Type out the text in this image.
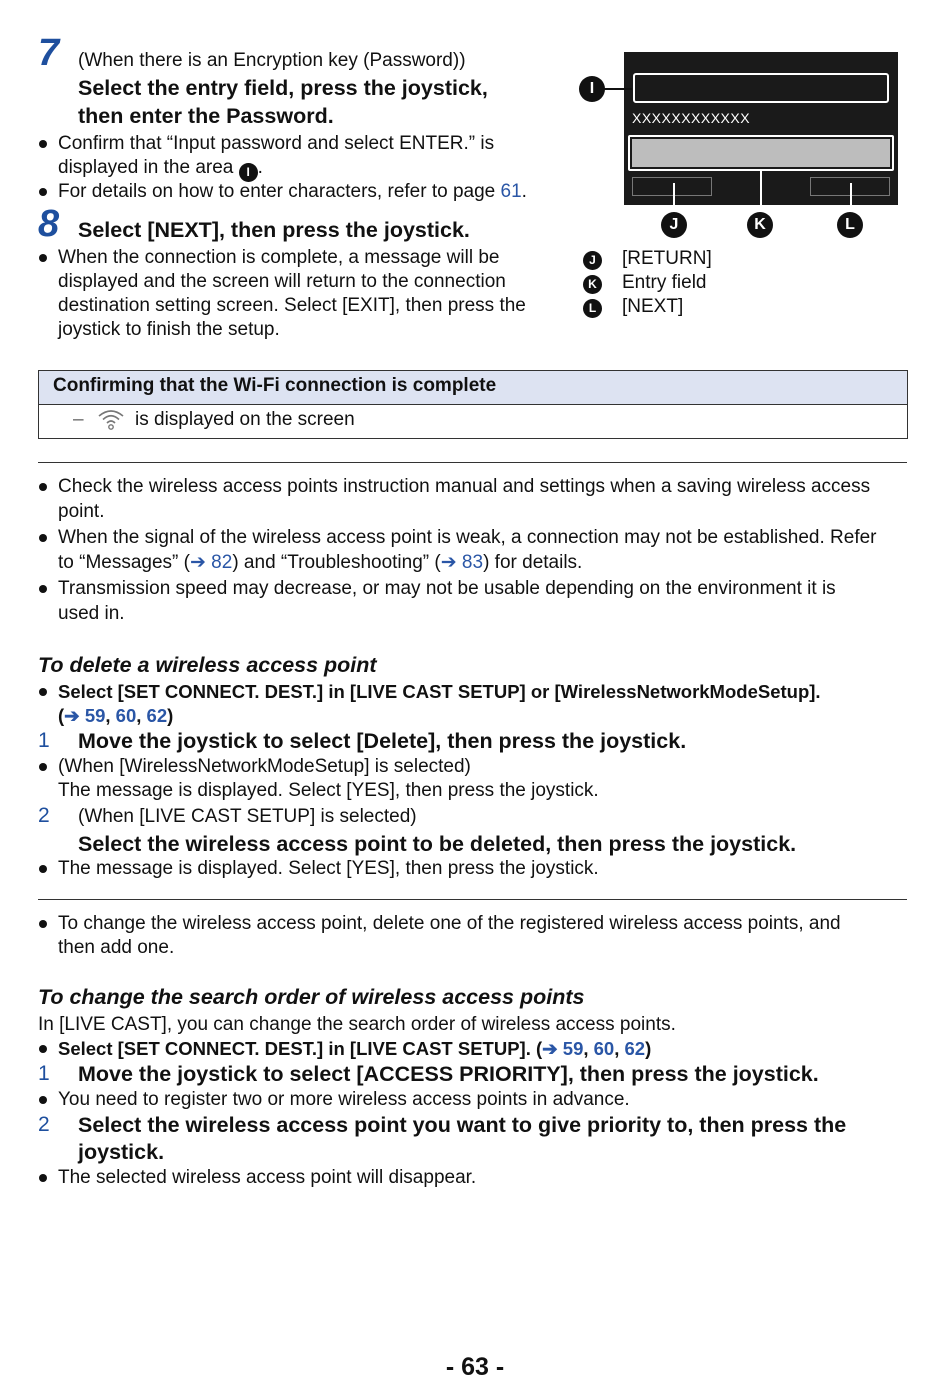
7 (When there is an Encryption key (Password))
Select the entry field, press the joystick,
then enter the Password.
Confirm that “Input password and select ENTER.” is
displayed in the area I .
For details on how to enter characters, refer to page 61.
8 Select [NEXT], then press the joystick.
When the connection is complete, a message will be
displayed and the screen will return to the connection
destination setting screen. Select [EXIT], then press the
joystick to finish the setup.
XXXXXXXXXXXX
I
J	K	L
J	[RETURN]
K Entry field
L	[NEXT]
Confirming that the Wi-Fi connection is complete
–	is displayed on the screen
Check the wireless access points instruction manual and settings when a saving wireless access
point.
When the signal of the wireless access point is weak, a connection may not be established. Refer
to “Messages” (➔ 82) and “Troubleshooting” (➔ 83) for details.
Transmission speed may decrease, or may not be usable depending on the environment it is
used in.
To delete a wireless access point
Select [SET CONNECT. DEST.] in [LIVE CAST SETUP] or [WirelessNetworkModeSetup].
(➔ 59, 60, 62)
1 Move the joystick to select [Delete], then press the joystick.
(When [WirelessNetworkModeSetup] is selected)
The message is displayed. Select [YES], then press the joystick.
2 (When [LIVE CAST SETUP] is selected)
Select the wireless access point to be deleted, then press the joystick.
The message is displayed. Select [YES], then press the joystick.
To change the wireless access point, delete one of the registered wireless access points, and
then add one.
To change the search order of wireless access points
In [LIVE CAST], you can change the search order of wireless access points.
Select [SET CONNECT. DEST.] in [LIVE CAST SETUP]. (➔ 59, 60, 62)
1 Move the joystick to select [ACCESS PRIORITY], then press the joystick.
You need to register two or more wireless access points in advance.
2 Select the wireless access point you want to give priority to, then press the
joystick.
The selected wireless access point will disappear.
- 63 -
